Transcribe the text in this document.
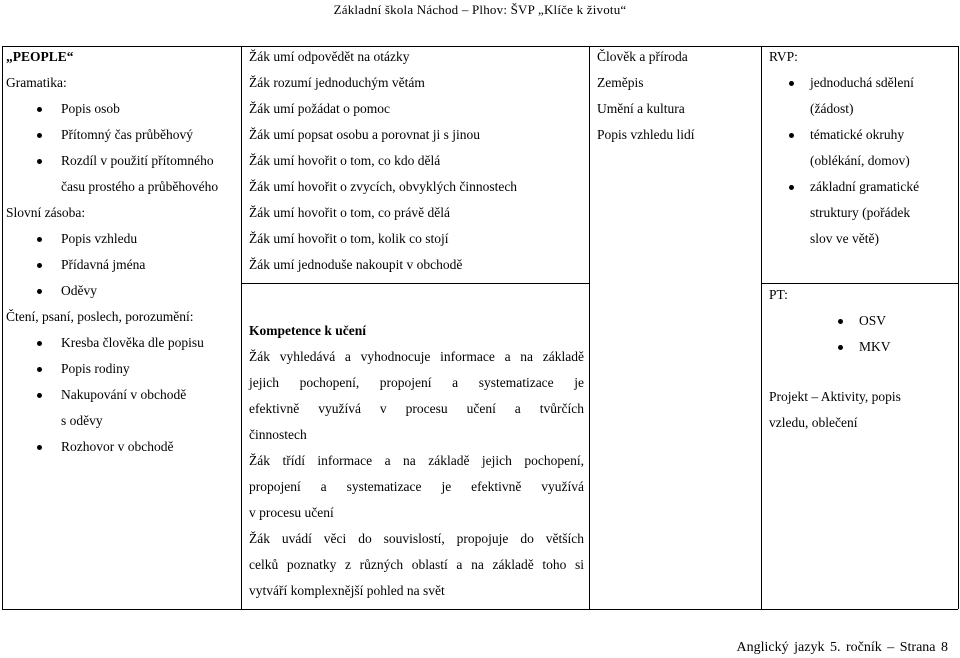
Základní škola Náchod – Plhov: ŠVP „Klíče k životu“
„PEOPLE“
Gramatika:
Popis osob
Přítomný čas průběhový
Rozdíl v použití přítomného
času prostého a průběhového
Slovní zásoba:
Popis vzhledu
Přídavná jména
Oděvy
Čtení, psaní, poslech, porozumění:
Kresba člověka dle popisu
Popis rodiny
Nakupování v obchodě
s oděvy
Rozhovor v obchodě
Žák umí odpovědět na otázky
Žák rozumí jednoduchým větám
Žák umí požádat o pomoc
Žák umí popsat osobu a porovnat ji s jinou
Žák umí hovořit o tom, co kdo dělá
Žák umí hovořit o zvycích, obvyklých činnostech
Žák umí hovořit o tom, co právě dělá
Žák umí hovořit o tom, kolik co stojí
Žák umí jednoduše nakoupit v obchodě
Kompetence k učení
Žák vyhledává a vyhodnocuje informace a na základě
jejich pochopení, propojení a systematizace je
efektivně využívá v procesu učení a tvůrčích
činnostech
Žák třídí informace a na základě jejich pochopení,
propojení a systematizace je efektivně využívá
v procesu učení
Žák uvádí věci do souvislostí, propojuje do větších
celků poznatky z různých oblastí a na základě toho si
vytváří komplexnější pohled na svět
Člověk a příroda
Zeměpis
Umění a kultura
Popis vzhledu lidí
RVP:
jednoduchá sdělení
(žádost)
tématické okruhy
(oblékání, domov)
základní gramatické
struktury (pořádek
slov ve větě)
PT:
OSV
MKV
Projekt – Aktivity, popis
vzledu, oblečení
Anglický jazyk 5. ročník – Strana 8
